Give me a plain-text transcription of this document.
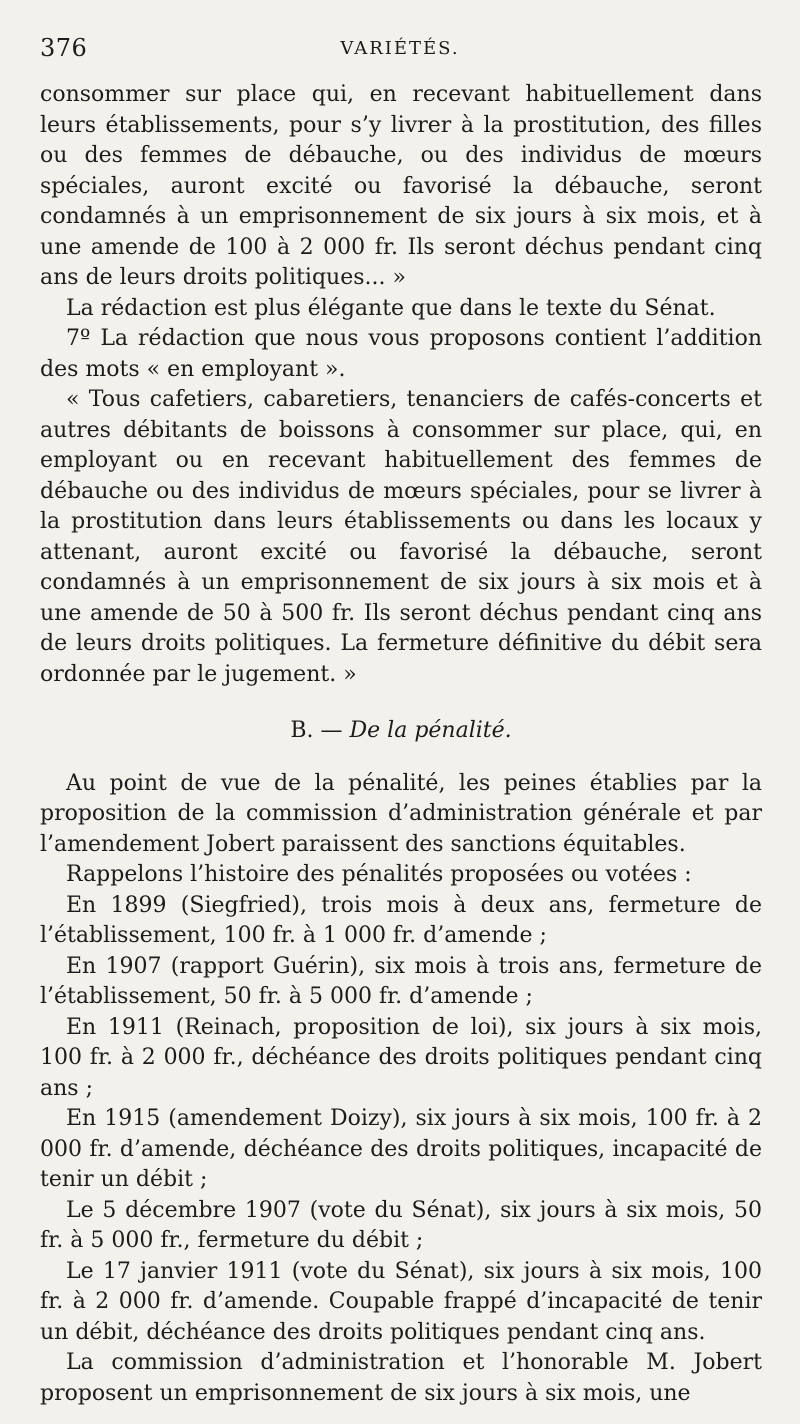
376	VARIÉTÉS.

consommer sur place qui, en recevant habituellement dans leurs établissements, pour s’y livrer à la prostitution, des filles ou des femmes de débauche, ou des individus de mœurs spéciales, auront excité ou favorisé la débauche, seront condamnés à un emprisonnement de six jours à six mois, et à une amende de 100 à 2 000 fr. Ils seront déchus pendant cinq ans de leurs droits politiques... »

La rédaction est plus élégante que dans le texte du Sénat.

7º La rédaction que nous vous proposons contient l’addition des mots « en employant ».

« Tous cafetiers, cabaretiers, tenanciers de cafés-concerts et autres débitants de boissons à consommer sur place, qui, en employant ou en recevant habituellement des femmes de débauche ou des individus de mœurs spéciales, pour se livrer à la prostitution dans leurs établissements ou dans les locaux y attenant, auront excité ou favorisé la débauche, seront condamnés à un emprisonnement de six jours à six mois et à une amende de 50 à 500 fr. Ils seront déchus pendant cinq ans de leurs droits politiques. La fermeture définitive du débit sera ordonnée par le jugement. »

B. — De la pénalité.

Au point de vue de la pénalité, les peines établies par la proposition de la commission d’administration générale et par l’amendement Jobert paraissent des sanctions équitables.

Rappelons l’histoire des pénalités proposées ou votées :

En 1899 (Siegfried), trois mois à deux ans, fermeture de l’établissement, 100 fr. à 1 000 fr. d’amende ;

En 1907 (rapport Guérin), six mois à trois ans, fermeture de l’établissement, 50 fr. à 5 000 fr. d’amende ;

En 1911 (Reinach, proposition de loi), six jours à six mois, 100 fr. à 2 000 fr., déchéance des droits politiques pendant cinq ans ;

En 1915 (amendement Doizy), six jours à six mois, 100 fr. à 2 000 fr. d’amende, déchéance des droits politiques, incapacité de tenir un débit ;

Le 5 décembre 1907 (vote du Sénat), six jours à six mois, 50 fr. à 5 000 fr., fermeture du débit ;

Le 17 janvier 1911 (vote du Sénat), six jours à six mois, 100 fr. à 2 000 fr. d’amende. Coupable frappé d’incapacité de tenir un débit, déchéance des droits politiques pendant cinq ans.

La commission d’administration et l’honorable M. Jobert proposent un emprisonnement de six jours à six mois, une
